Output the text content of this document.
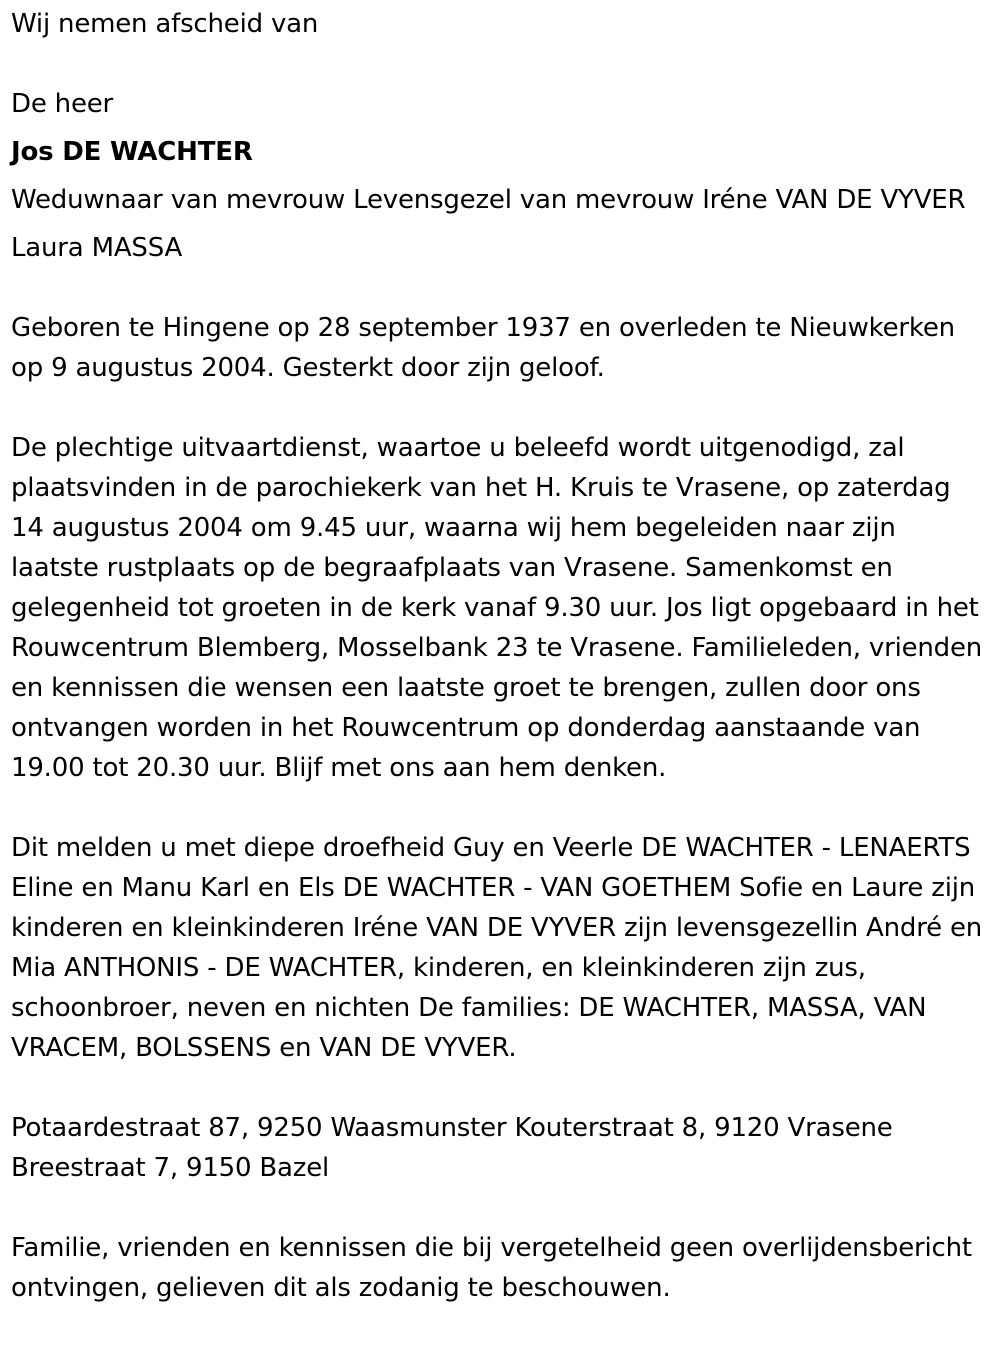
Wij nemen afscheid van

De heer

Jos DE WACHTER

Weduwnaar van mevrouw Levensgezel van mevrouw Iréne VAN DE VYVER

Laura MASSA

Geboren te Hingene op 28 september 1937 en overleden te Nieuwkerken op 9 augustus 2004. Gesterkt door zijn geloof.

De plechtige uitvaartdienst, waartoe u beleefd wordt uitgenodigd, zal plaatsvinden in de parochiekerk van het H. Kruis te Vrasene, op zaterdag 14 augustus 2004 om 9.45 uur, waarna wij hem begeleiden naar zijn laatste rustplaats op de begraafplaats van Vrasene. Samenkomst en gelegenheid tot groeten in de kerk vanaf 9.30 uur. Jos ligt opgebaard in het Rouwcentrum Blemberg, Mosselbank 23 te Vrasene. Familieleden, vrienden en kennissen die wensen een laatste groet te brengen, zullen door ons ontvangen worden in het Rouwcentrum op donderdag aanstaande van 19.00 tot 20.30 uur. Blijf met ons aan hem denken.

Dit melden u met diepe droefheid Guy en Veerle DE WACHTER - LENAERTS Eline en Manu Karl en Els DE WACHTER - VAN GOETHEM Sofie en Laure zijn kinderen en kleinkinderen Iréne VAN DE VYVER zijn levensgezellin André en Mia ANTHONIS - DE WACHTER, kinderen, en kleinkinderen zijn zus, schoonbroer, neven en nichten De families: DE WACHTER, MASSA, VAN VRACEM, BOLSSENS en VAN DE VYVER.

Potaardestraat 87, 9250 Waasmunster Kouterstraat 8, 9120 Vrasene Breestraat 7, 9150 Bazel

Familie, vrienden en kennissen die bij vergetelheid geen overlijdensbericht ontvingen, gelieven dit als zodanig te beschouwen.
